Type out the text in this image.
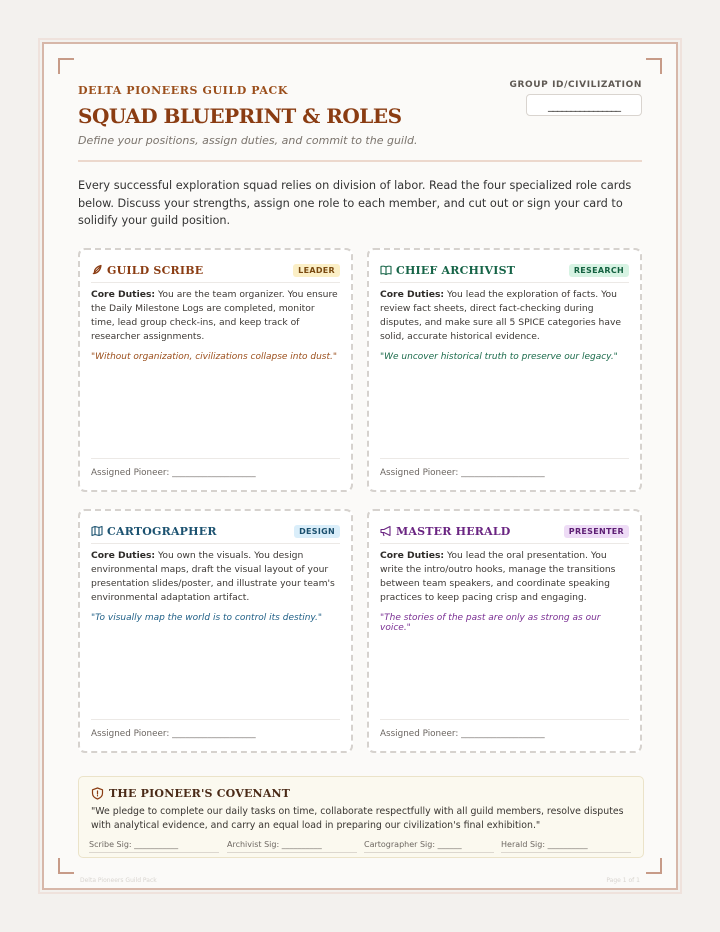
DELTA PIONEERS GUILD PACK
SQUAD BLUEPRINT & ROLES
Define your positions, assign duties, and commit to the guild.
GROUP ID/CIVILIZATION
________________

Every successful exploration squad relies on division of labor. Read the four specialized role cards below. Discuss your strengths, assign one role to each member, and cut out or sign your card to solidify your guild position.

GUILD SCRIBE	LEADER

Core Duties: You are the team organizer. You ensure the Daily Milestone Logs are completed, monitor time, lead group check-ins, and keep track of researcher assignments.

"Without organization, civilizations collapse into dust."

Assigned Pioneer: ___________________
CHIEF ARCHIVIST	RESEARCH

Core Duties: You lead the exploration of facts. You review fact sheets, direct fact-checking during disputes, and make sure all 5 SPICE categories have solid, accurate historical evidence.

"We uncover historical truth to preserve our legacy."

Assigned Pioneer: ___________________
CARTOGRAPHER	DESIGN

Core Duties: You own the visuals. You design environmental maps, draft the visual layout of your presentation slides/poster, and illustrate your team's environmental adaptation artifact.

"To visually map the world is to control its destiny."

Assigned Pioneer: ___________________
MASTER HERALD	PRESENTER

Core Duties: You lead the oral presentation. You write the intro/outro hooks, manage the transitions between team speakers, and coordinate speaking practices to keep pacing crisp and engaging.

"The stories of the past are only as strong as our voice."

Assigned Pioneer: ___________________
THE PIONEER'S COVENANT

"We pledge to complete our daily tasks on time, collaborate respectfully with all guild members, resolve disputes with analytical evidence, and carry an equal load in preparing our civilization's final exhibition."

Scribe Sig: ___________	Archivist Sig: __________	Cartographer Sig: ______	Herald Sig: __________
Delta Pioneers Guild Pack	Page 1 of 1
